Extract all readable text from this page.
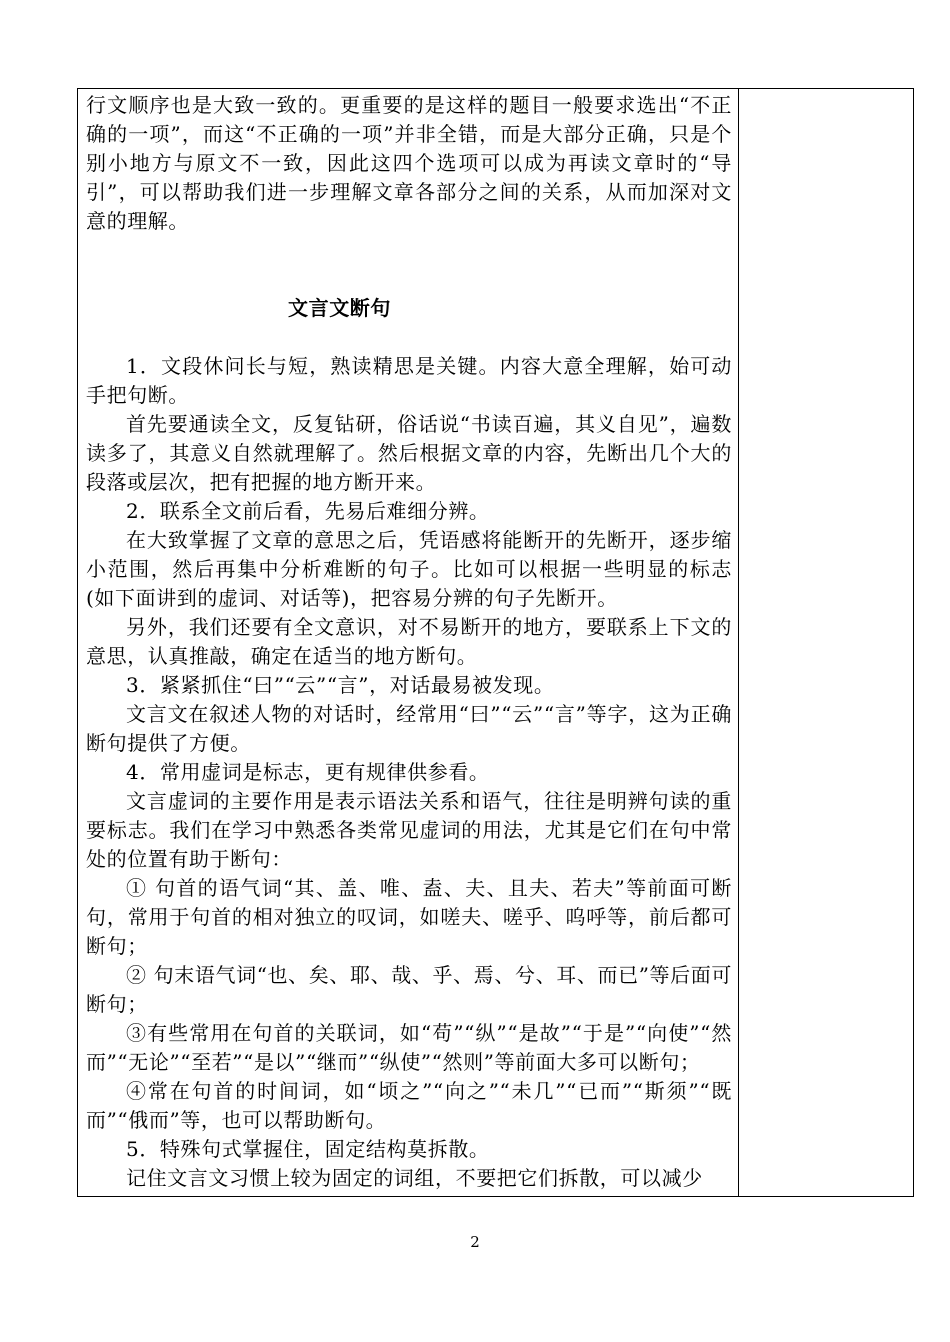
行文顺序也是大致一致的。更重要的是这样的题目一般要求选出“不正确的一项”，而这“不正确的一项”并非全错，而是大部分正确，只是个别小地方与原文不一致，因此这四个选项可以成为再读文章时的“导引”，可以帮助我们进一步理解文章各部分之间的关系，从而加深对文意的理解。

文言文断句

1．文段休问长与短，熟读精思是关键。内容大意全理解，始可动手把句断。

首先要通读全文，反复钻研，俗话说“书读百遍，其义自见”，遍数读多了，其意义自然就理解了。然后根据文章的内容，先断出几个大的段落或层次，把有把握的地方断开来。

2．联系全文前后看，先易后难细分辨。

在大致掌握了文章的意思之后，凭语感将能断开的先断开，逐步缩小范围，然后再集中分析难断的句子。比如可以根据一些明显的标志(如下面讲到的虚词、对话等)，把容易分辨的句子先断开。

另外，我们还要有全文意识，对不易断开的地方，要联系上下文的意思，认真推敲，确定在适当的地方断句。

3．紧紧抓住“曰”“云”“言”，对话最易被发现。

文言文在叙述人物的对话时，经常用“曰”“云”“言”等字，这为正确断句提供了方便。

4．常用虚词是标志，更有规律供参看。

文言虚词的主要作用是表示语法关系和语气，往往是明辨句读的重要标志。我们在学习中熟悉各类常见虚词的用法，尤其是它们在句中常处的位置有助于断句：

① 句首的语气词“其、盖、唯、盍、夫、且夫、若夫”等前面可断句，常用于句首的相对独立的叹词，如嗟夫、嗟乎、呜呼等，前后都可断句；

② 句末语气词“也、矣、耶、哉、乎、焉、兮、耳、而已”等后面可断句；

③有些常用在句首的关联词，如“苟”“纵”“是故”“于是”“向使”“然而”“无论”“至若”“是以”“继而”“纵使”“然则”等前面大多可以断句；

④常在句首的时间词，如“顷之”“向之”“未几”“已而”“斯须”“既而”“俄而”等，也可以帮助断句。

5．特殊句式掌握住，固定结构莫拆散。

记住文言文习惯上较为固定的词组，不要把它们拆散，可以减少

2
